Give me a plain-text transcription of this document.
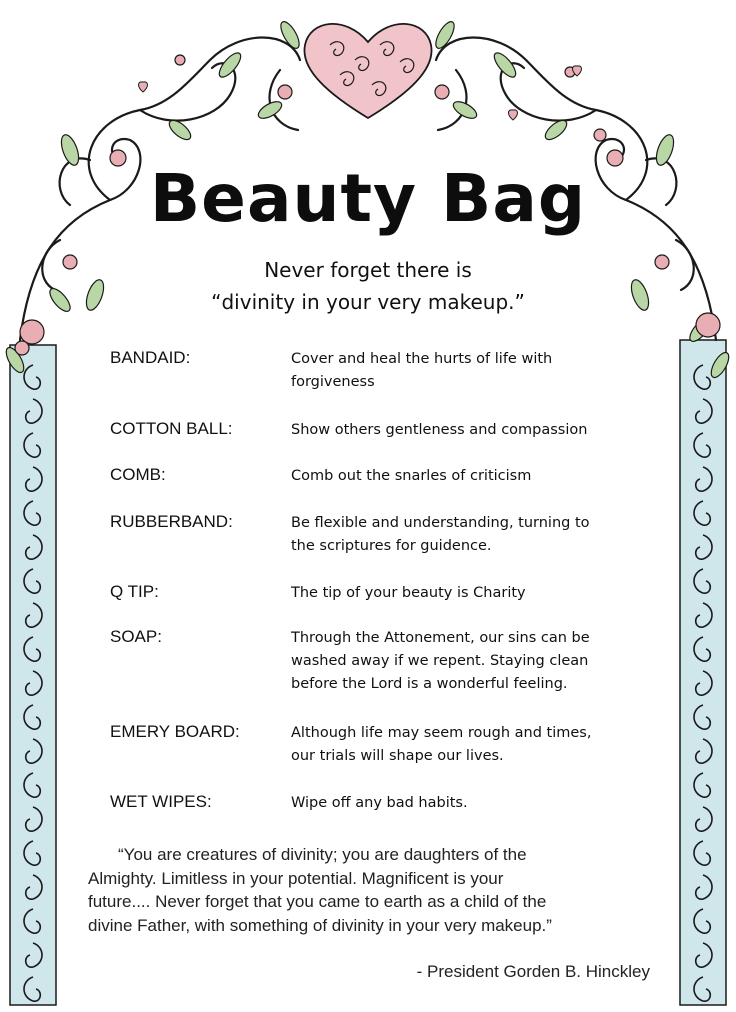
Beauty Bag
Never forget there is
“divinity in your very makeup.”
BANDAID:	Cover and heal the hurts of life with
forgiveness
COTTON BALL:	Show others gentleness and compassion
COMB:	Comb out the snarles of criticism
RUBBERBAND:	Be flexible and understanding, turning to
the scriptures for guidence.
Q TIP:	The tip of your beauty is Charity
SOAP:	Through the Attonement, our sins can be
washed away if we repent. Staying clean
before the Lord is a wonderful feeling.
EMERY BOARD:	Although life may seem rough and times,
our trials will shape our lives.
WET WIPES:	Wipe off any bad habits.
“You are creatures of divinity; you are daughters of the
Almighty. Limitless in your potential. Magnificent is your
future.... Never forget that you came to earth as a child of the
divine Father, with something of divinity in your very makeup.”
- President Gorden B. Hinckley
